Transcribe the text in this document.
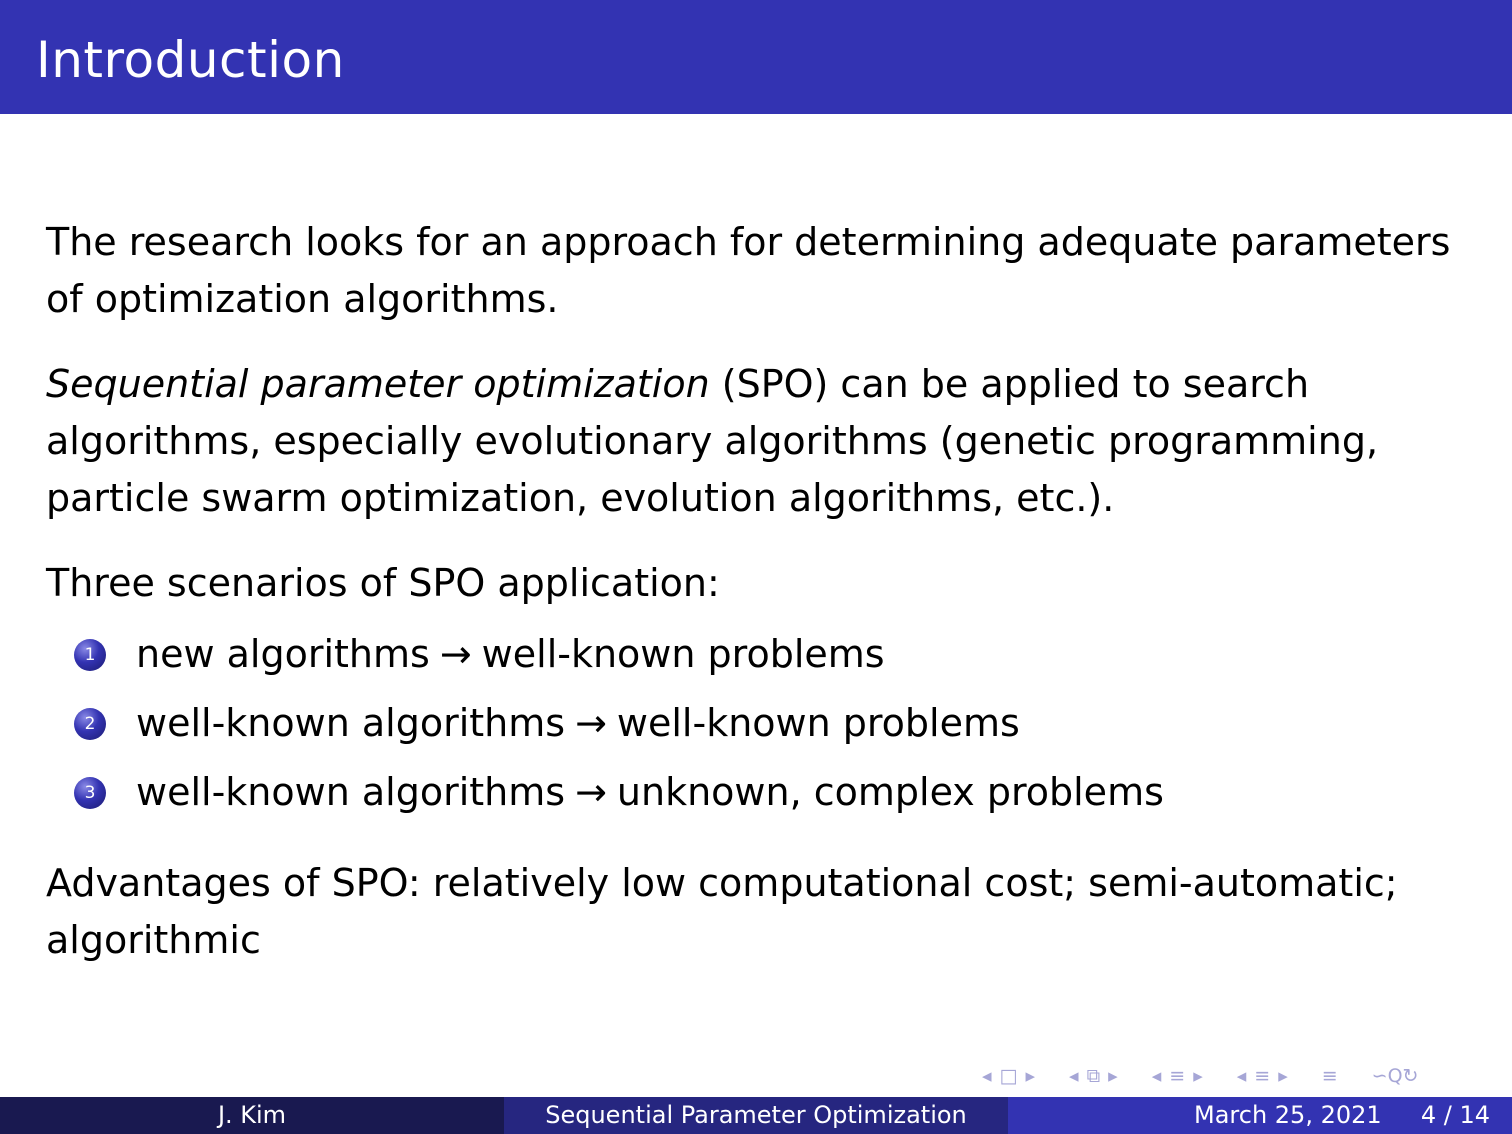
Introduction

The research looks for an approach for determining adequate parameters of optimization algorithms.

Sequential parameter optimization (SPO) can be applied to search algorithms, especially evolutionary algorithms (genetic programming, particle swarm optimization, evolution algorithms, etc.).

Three scenarios of SPO application:

1 new algorithms → well-known problems
2 well-known algorithms → well-known problems
3 well-known algorithms → unknown, complex problems

Advantages of SPO: relatively low computational cost; semi-automatic; algorithmic

◂ □ ▸ ◂ ⧉ ▸ ◂ ≡ ▸ ◂ ≡ ▸ ≡ ∽Q↻
J. Kim	Sequential Parameter Optimization	March 25, 2021 4 / 14
